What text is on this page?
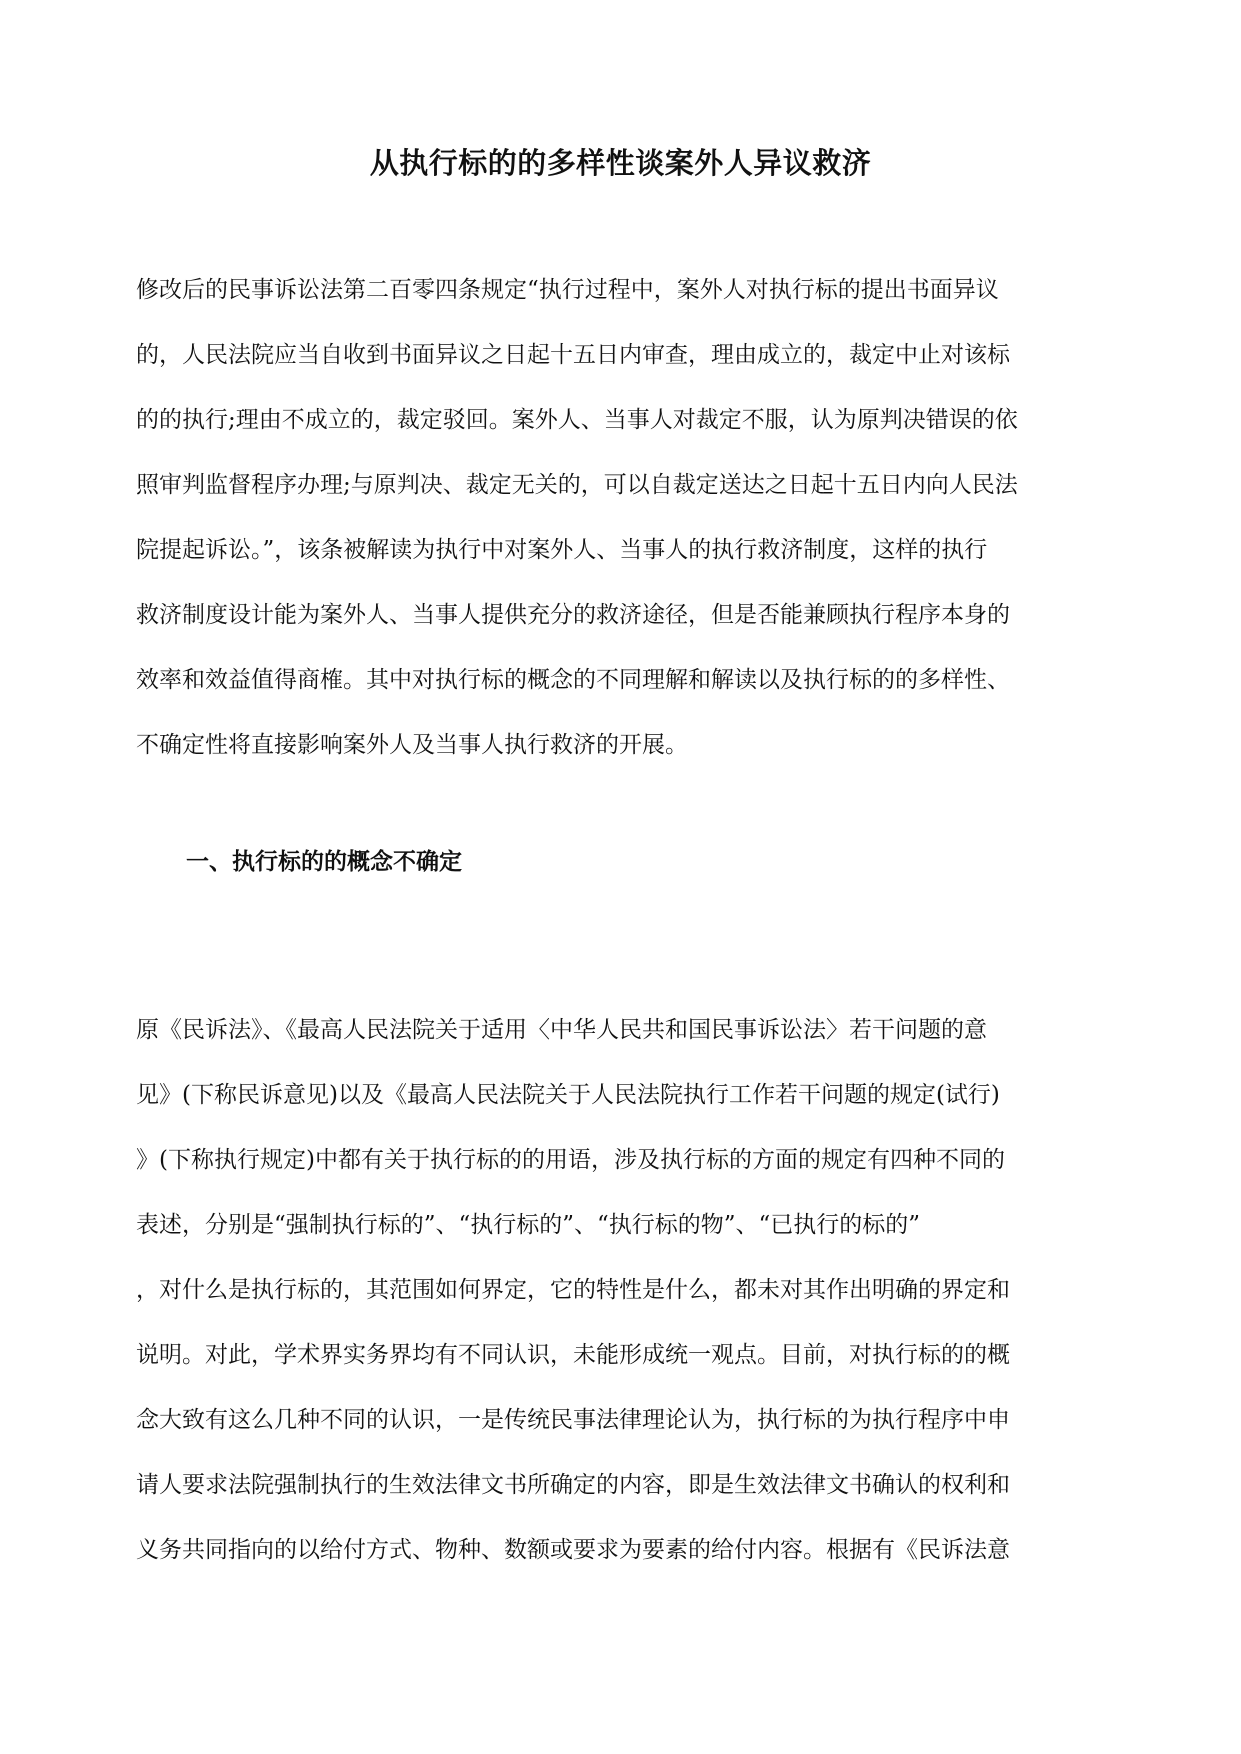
从执行标的的多样性谈案外人异议救济
修改后的民事诉讼法第二百零四条规定“执行过程中，案外人对执行标的提出书面异议
的，人民法院应当自收到书面异议之日起十五日内审查，理由成立的，裁定中止对该标
的的执行;理由不成立的，裁定驳回。案外人、当事人对裁定不服，认为原判决错误的依
照审判监督程序办理;与原判决、裁定无关的，可以自裁定送达之日起十五日内向人民法
院提起诉讼。”，该条被解读为执行中对案外人、当事人的执行救济制度，这样的执行
救济制度设计能为案外人、当事人提供充分的救济途径，但是否能兼顾执行程序本身的
效率和效益值得商榷。其中对执行标的概念的不同理解和解读以及执行标的的多样性、
不确定性将直接影响案外人及当事人执行救济的开展。
一、执行标的的概念不确定
原《民诉法》、《最高人民法院关于适用〈中华人民共和国民事诉讼法〉若干问题的意
见》(下称民诉意见)以及《最高人民法院关于人民法院执行工作若干问题的规定(试行)
》(下称执行规定)中都有关于执行标的的用语，涉及执行标的方面的规定有四种不同的
表述，分别是“强制执行标的”、“执行标的”、“执行标的物”、“已执行的标的”
，对什么是执行标的，其范围如何界定，它的特性是什么，都未对其作出明确的界定和
说明。对此，学术界实务界均有不同认识，未能形成统一观点。目前，对执行标的的概
念大致有这么几种不同的认识，一是传统民事法律理论认为，执行标的为执行程序中申
请人要求法院强制执行的生效法律文书所确定的内容，即是生效法律文书确认的权利和
义务共同指向的以给付方式、物种、数额或要求为要素的给付内容。根据有《民诉法意
